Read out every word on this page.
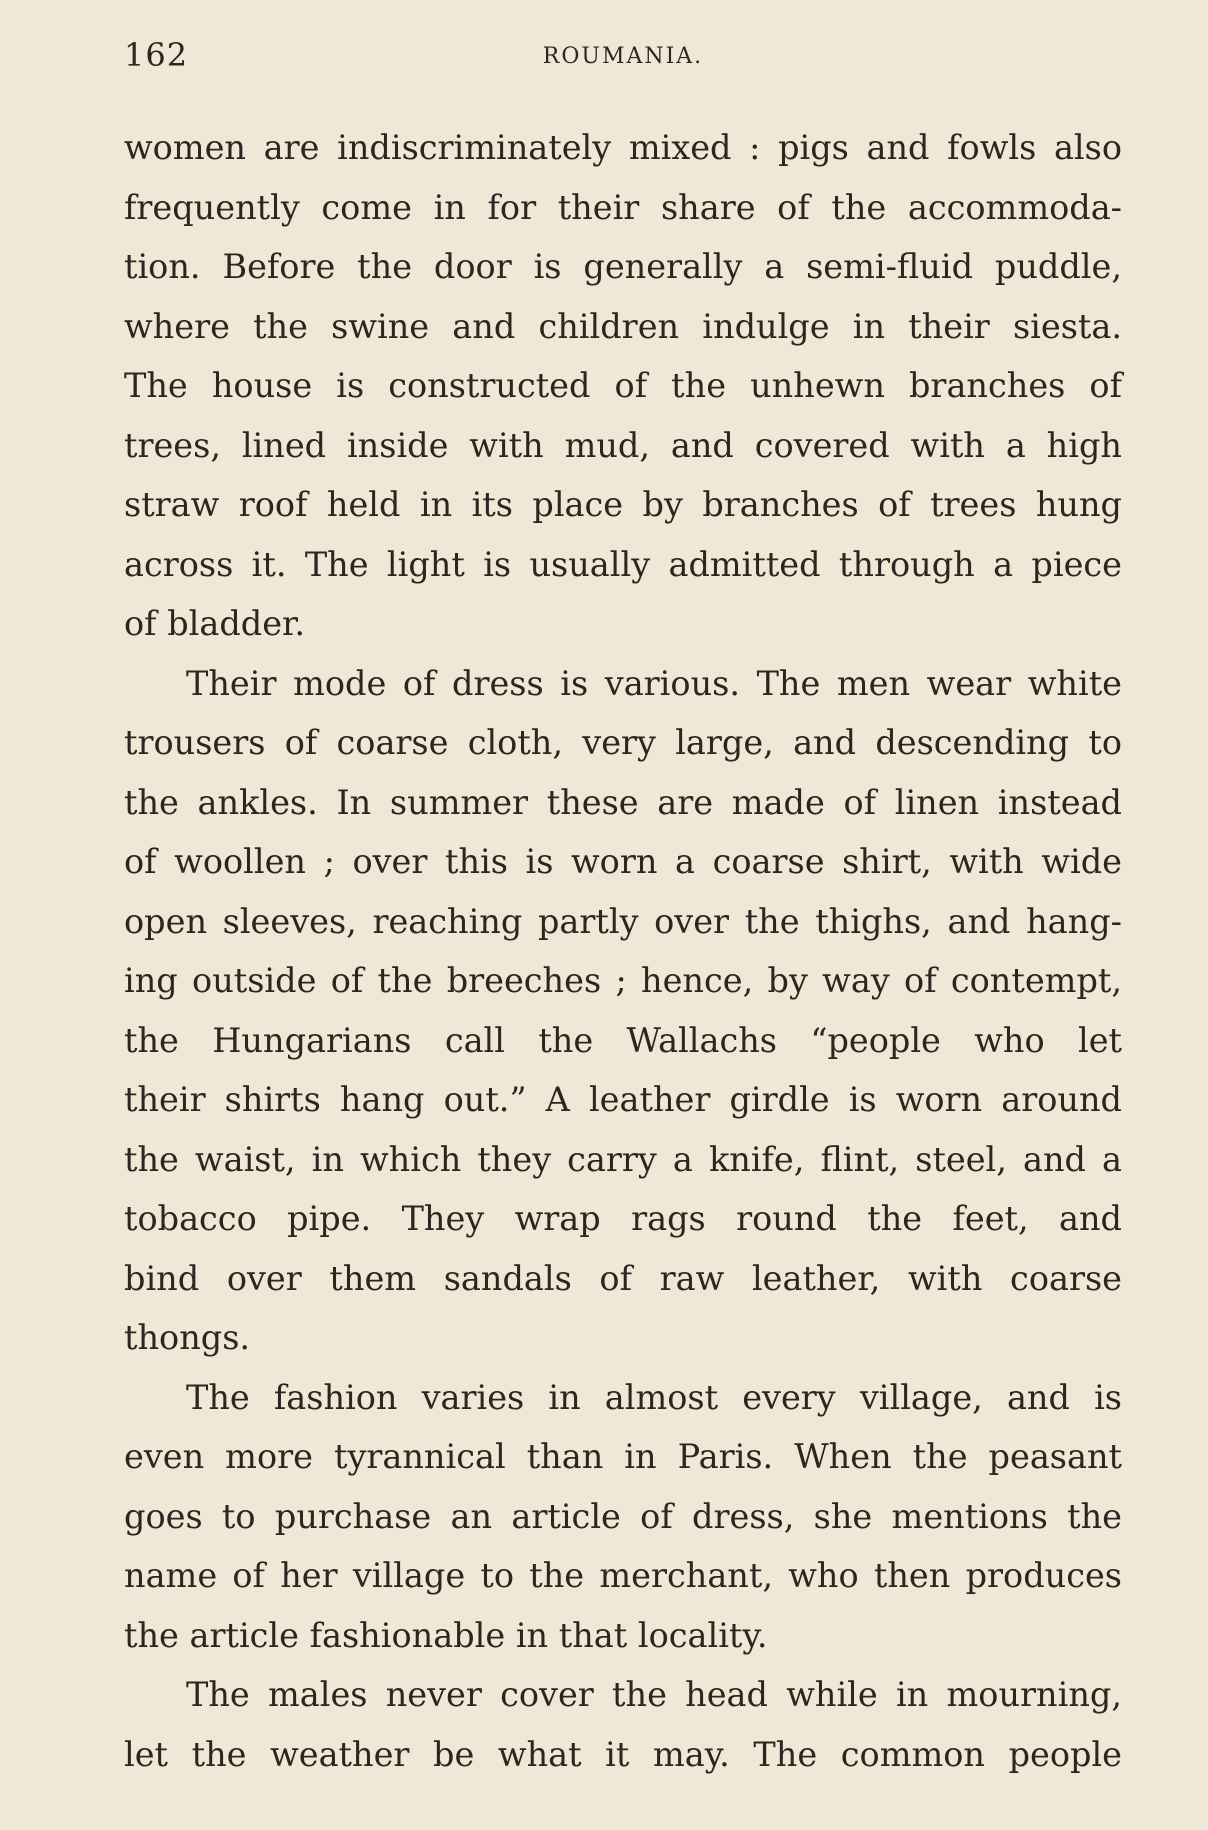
162	ROUMANIA.
women are indiscriminately mixed : pigs and fowls also
frequently come in for their share of the accommoda-
tion. Before the door is generally a semi-fluid puddle,
where the swine and children indulge in their siesta.
The house is constructed of the unhewn branches of
trees, lined inside with mud, and covered with a high
straw roof held in its place by branches of trees hung
across it. The light is usually admitted through a piece
of bladder.
Their mode of dress is various. The men wear white
trousers of coarse cloth, very large, and descending to
the ankles. In summer these are made of linen instead
of woollen ; over this is worn a coarse shirt, with wide
open sleeves, reaching partly over the thighs, and hang-
ing outside of the breeches ; hence, by way of contempt,
the Hungarians call the Wallachs “people who let
their shirts hang out.” A leather girdle is worn around
the waist, in which they carry a knife, flint, steel, and a
tobacco pipe. They wrap rags round the feet, and
bind over them sandals of raw leather, with coarse
thongs.
The fashion varies in almost every village, and is
even more tyrannical than in Paris. When the peasant
goes to purchase an article of dress, she mentions the
name of her village to the merchant, who then produces
the article fashionable in that locality.
The males never cover the head while in mourning,
let the weather be what it may. The common people
